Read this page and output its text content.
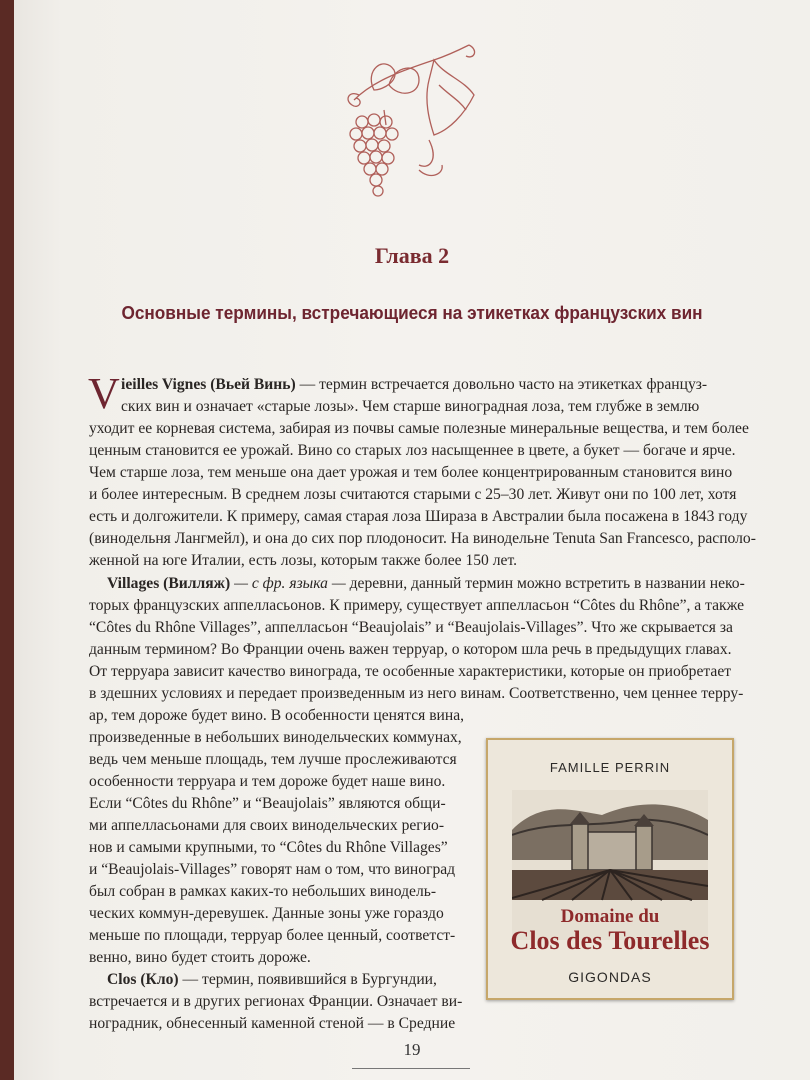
Глава 2
Основные термины, встречающиеся на этикетках французских вин
V ieilles Vignes (Вьей Винь) — термин встречается довольно часто на этикетках француз-
ских вин и означает «старые лозы». Чем старше виноградная лоза, тем глубже в землю
уходит ее корневая система, забирая из почвы самые полезные минеральные вещества, и тем более
ценным становится ее урожай. Вино со старых лоз насыщеннее в цвете, а букет — богаче и ярче.
Чем старше лоза, тем меньше она дает урожая и тем более концентрированным становится вино
и более интересным. В среднем лозы считаются старыми с 25–30 лет. Живут они по 100 лет, хотя
есть и долгожители. К примеру, самая старая лоза Шираза в Австралии была посажена в 1843 году
(винодельня Лангмейл), и она до сих пор плодоносит. На винодельне Tenuta San Francesco, располо-
женной на юге Италии, есть лозы, которым также более 150 лет.
Villages (Вилляж) — с фр. языка — деревни, данный термин можно встретить в названии неко-
торых французских аппелласьонов. К примеру, существует аппелласьон “Côtes du Rhône”, а также
“Côtes du Rhône Villages”, аппелласьон “Beaujolais” и “Beaujolais-Villages”. Что же скрывается за
данным термином? Во Франции очень важен терруар, о котором шла речь в предыдущих главах.
От терруара зависит качество винограда, те особенные характеристики, которые он приобретает
в здешних условиях и передает произведенным из него винам. Соответственно, чем ценнее терру-
ар, тем дороже будет вино. В особенности ценятся вина,
произведенные в небольших винодельческих коммунах,
ведь чем меньше площадь, тем лучше прослеживаются
особенности терруара и тем дороже будет наше вино.
Если “Côtes du Rhône” и “Beaujolais” являются общи-
ми аппелласьонами для своих винодельческих регио-
нов и самыми крупными, то “Côtes du Rhône Villages”
и “Beaujolais-Villages” говорят нам о том, что виноград
был собран в рамках каких-то небольших винодель-
ческих коммун-деревушек. Данные зоны уже гораздо
меньше по площади, терруар более ценный, соответст-
венно, вино будет стоить дороже.
Clos (Кло) — термин, появившийся в Бургундии,
встречается и в других регионах Франции. Означает ви-
ноградник, обнесенный каменной стеной — в Средние
FAMILLE PERRIN
Domaine du
Clos des Tourelles
GIGONDAS
19
